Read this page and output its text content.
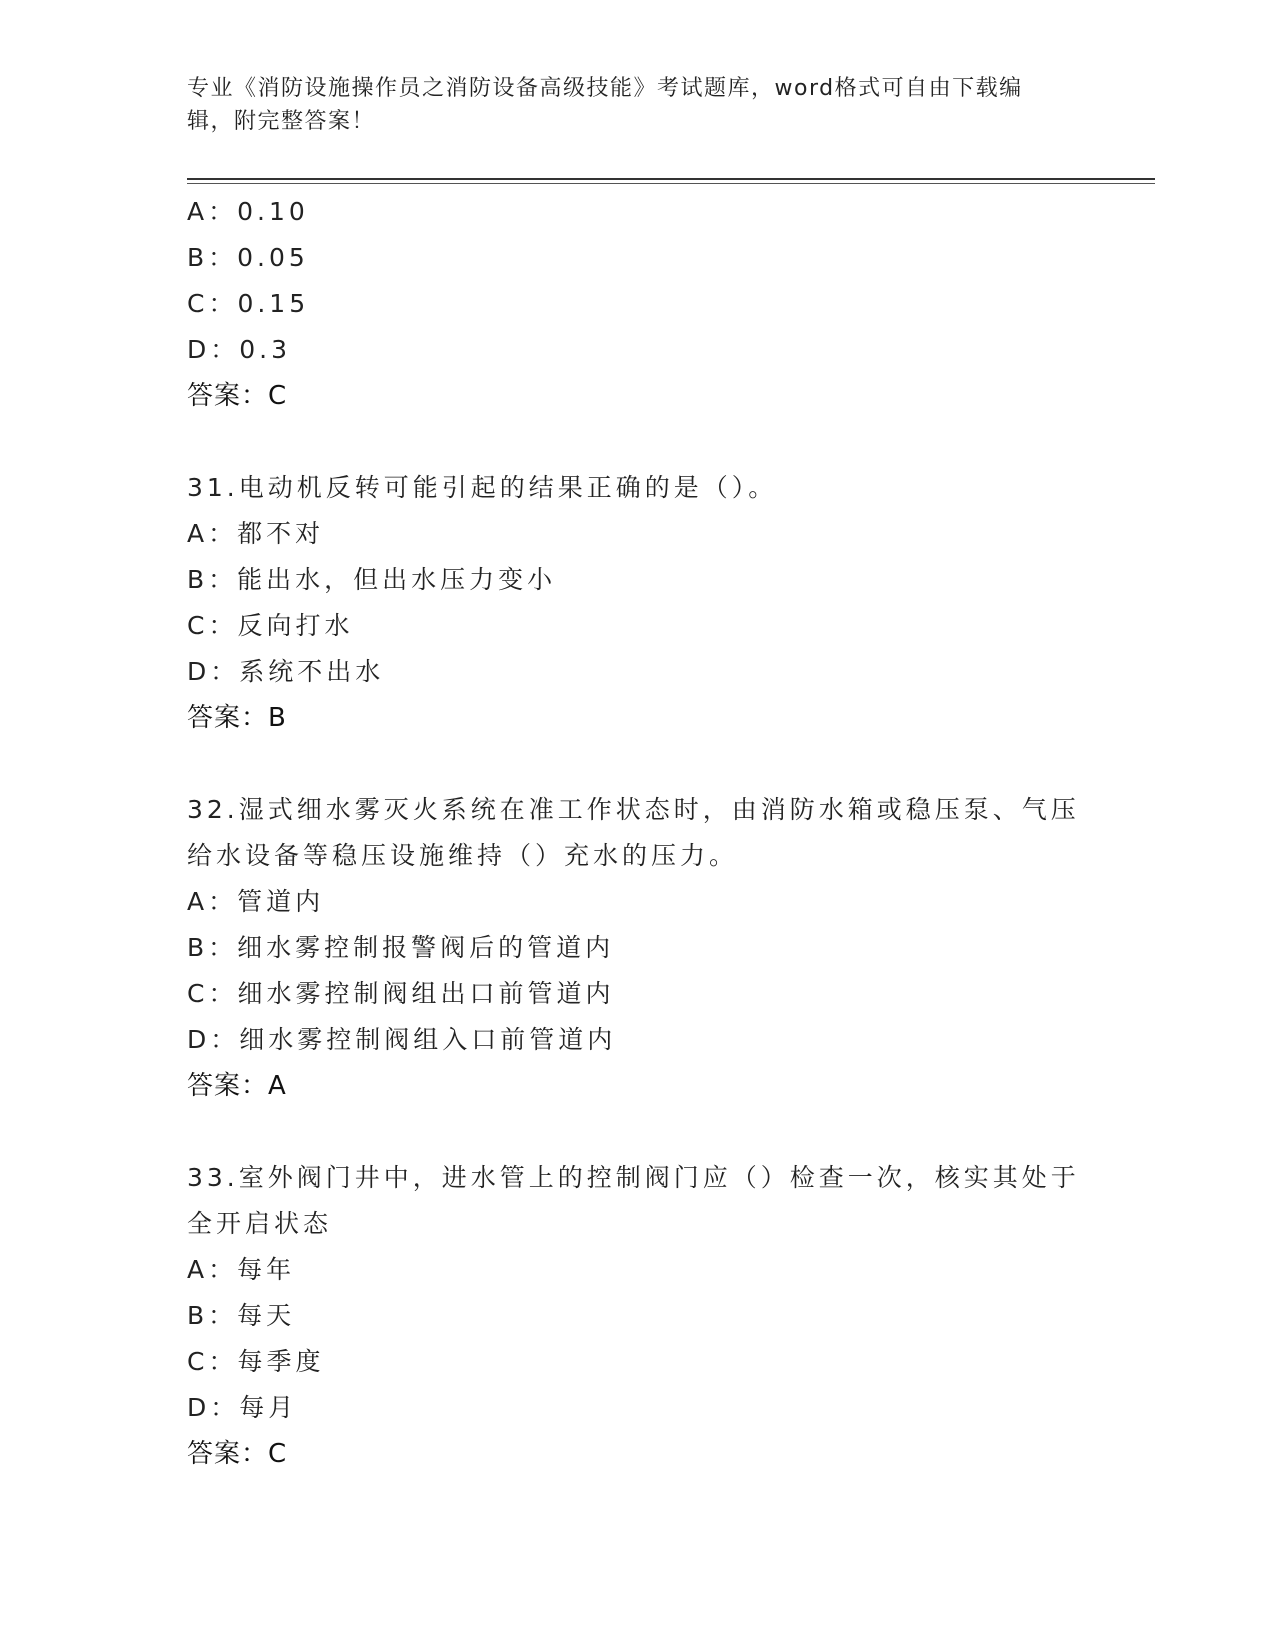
专业《消防设施操作员之消防设备高级技能》考试题库，word格式可自由下载编
辑，附完整答案！
A：0.10
B：0.05
C：0.15
D：0.3
答案：C
31.电动机反转可能引起的结果正确的是（）。
A：都不对
B：能出水，但出水压力变小
C：反向打水
D：系统不出水
答案：B
32.湿式细水雾灭火系统在准工作状态时，由消防水箱或稳压泵、气压
给水设备等稳压设施维持（）充水的压力。
A：管道内
B：细水雾控制报警阀后的管道内
C：细水雾控制阀组出口前管道内
D：细水雾控制阀组入口前管道内
答案：A
33.室外阀门井中，进水管上的控制阀门应（）检查一次，核实其处于
全开启状态
A：每年
B：每天
C：每季度
D：每月
答案：C
